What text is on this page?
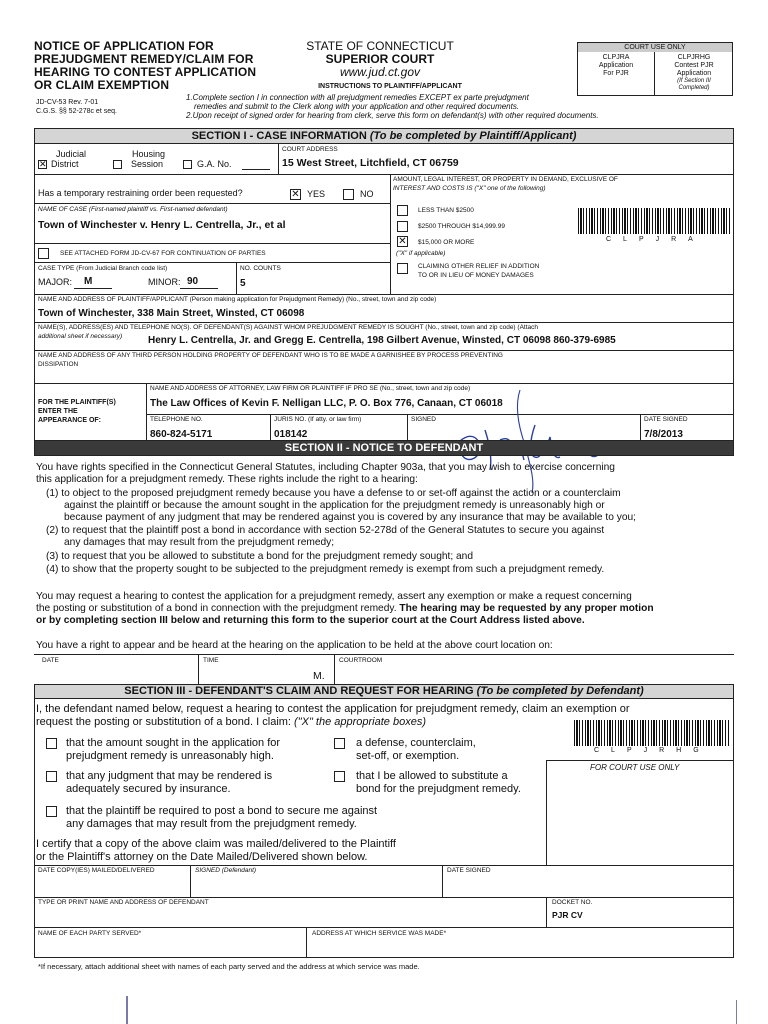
NOTICE OF APPLICATION FOR
PREJUDGMENT REMEDY/CLAIM FOR
HEARING TO CONTEST APPLICATION
OR CLAIM EXEMPTION
JD-CV-53 Rev. 7-01
C.G.S. §§ 52-278c et seq.
STATE OF CONNECTICUT
SUPERIOR COURT
www.jud.ct.gov
INSTRUCTIONS TO PLAINTIFF/APPLICANT
1.Complete section I in connection with all prejudgment remedies EXCEPT ex parte prejudgment
remedies and submit to the Clerk along with your application and other required documents.
2.Upon receipt of signed order for hearing from clerk, serve this form on defendant(s) with other required documents.
COURT USE ONLY
CLPJRA
Application
For PJR
CLPJRHG
Contest PJR
Application
(If Section III
Completed)
SECTION I - CASE INFORMATION (To be completed by Plaintiff/Applicant)
Judicial
✕ District
Housing
Session	G.A. No.
COURT ADDRESS
15 West Street, Litchfield, CT 06759
Has a temporary restraining order been requested?	✕ YES	NO
AMOUNT, LEGAL INTEREST, OR PROPERTY IN DEMAND, EXCLUSIVE OF
INTEREST AND COSTS IS ("X" one of the following)
LESS THAN $2500
$2500 THROUGH $14,999.99
✕ $15,000 OR MORE
("X" if applicable)
CLAIMING OTHER RELIEF IN ADDITION
TO OR IN LIEU OF MONEY DAMAGES
CLPJRA
NAME OF CASE (First-named plaintiff vs. First-named defendant)
Town of Winchester v. Henry L. Centrella, Jr., et al
SEE ATTACHED FORM JD-CV-67 FOR CONTINUATION OF PARTIES
CASE TYPE (From Judicial Branch code list)
MAJOR: M	MINOR: 90
NO. COUNTS
5
NAME AND ADDRESS OF PLAINTIFF/APPLICANT (Person making application for Prejudgment Remedy) (No., street, town and zip code)
Town of Winchester, 338 Main Street, Winsted, CT 06098
NAME(S), ADDRESS(ES) AND TELEPHONE NO(S). OF DEFENDANT(S) AGAINST WHOM PREJUDGMENT REMEDY IS SOUGHT (No., street, town and zip code) (Attach
additional sheet if necessary)	Henry L. Centrella, Jr. and Gregg E. Centrella, 198 Gilbert Avenue, Winsted, CT 06098 860-379-6985
NAME AND ADDRESS OF ANY THIRD PERSON HOLDING PROPERTY OF DEFENDANT WHO IS TO BE MADE A GARNISHEE BY PROCESS PREVENTING
DISSIPATION
FOR THE PLAINTIFF(S)
ENTER THE
APPEARANCE OF:
NAME AND ADDRESS OF ATTORNEY, LAW FIRM OR PLAINTIFF IF PRO SE (No., street, town and zip code)
The Law Offices of Kevin F. Nelligan LLC, P. O. Box 776, Canaan, CT 06018
TELEPHONE NO.
860-824-5171
JURIS NO. (If atty. or law firm)
018142
SIGNED	DATE SIGNED
7/8/2013
SECTION II - NOTICE TO DEFENDANT
You have rights specified in the Connecticut General Statutes, including Chapter 903a, that you may wish to exercise concerning
this application for a prejudgment remedy. These rights include the right to a hearing:
(1) to object to the proposed prejudgment remedy because you have a defense to or set-off against the action or a counterclaim
against the plaintiff or because the amount sought in the application for the prejudgment remedy is unreasonably high or
because payment of any judgment that may be rendered against you is covered by any insurance that may be available to you;
(2) to request that the plaintiff post a bond in accordance with section 52-278d of the General Statutes to secure you against
any damages that may result from the prejudgment remedy;
(3) to request that you be allowed to substitute a bond for the prejudgment remedy sought; and
(4) to show that the property sought to be subjected to the prejudgment remedy is exempt from such a prejudgment remedy.
You may request a hearing to contest the application for a prejudgment remedy, assert any exemption or make a request concerning
the posting or substitution of a bond in connection with the prejudgment remedy. The hearing may be requested by any proper motion
or by completing section III below and returning this form to the superior court at the Court Address listed above.
You have a right to appear and be heard at the hearing on the application to be held at the above court location on:
DATE	TIME
M.
COURTROOM
SECTION III - DEFENDANT'S CLAIM AND REQUEST FOR HEARING (To be completed by Defendant)
I, the defendant named below, request a hearing to contest the application for prejudgment remedy, claim an exemption or
request the posting or substitution of a bond. I claim: ("X" the appropriate boxes)
that the amount sought in the application for
prejudgment remedy is unreasonably high.
a defense, counterclaim,
set-off, or exemption.	CLPJRHG
FOR COURT USE ONLY
that any judgment that may be rendered is
adequately secured by insurance.
that I be allowed to substitute a
bond for the prejudgment remedy.
that the plaintiff be required to post a bond to secure me against
any damages that may result from the prejudgment remedy.
I certify that a copy of the above claim was mailed/delivered to the Plaintiff
or the Plaintiff's attorney on the Date Mailed/Delivered shown below.
DATE COPY(IES) MAILED/DELIVERED	SIGNED (Defendant)	DATE SIGNED
TYPE OR PRINT NAME AND ADDRESS OF DEFENDANT	DOCKET NO.
PJR CV
NAME OF EACH PARTY SERVED*	ADDRESS AT WHICH SERVICE WAS MADE*
*If necessary, attach additional sheet with names of each party served and the address at which service was made.
